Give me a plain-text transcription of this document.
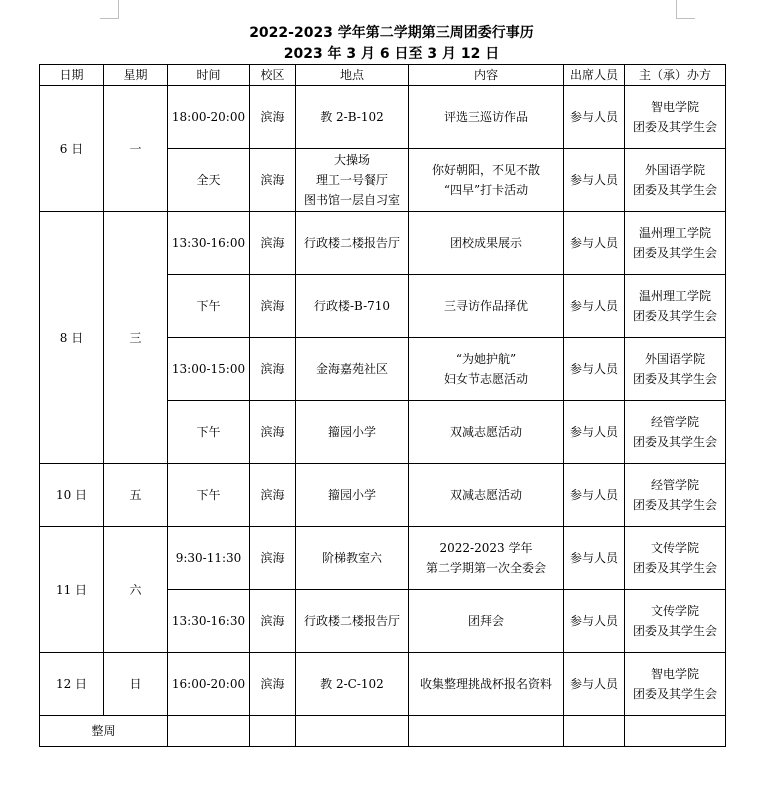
2022-2023 学年第二学期第三周团委行事历
2023 年 3 月 6 日至 3 月 12 日
日期	星期	时间	校区	地点	内容	出席人员	主（承）办方
6 日	一	18:00-20:00	滨海	教 2-B-102	评选三巡访作品	参与人员	智电学院
团委及其学生会

		全天	滨海	大操场
理工一号餐厅
图书馆一层自习室	你好朝阳，不见不散
“四早”打卡活动	参与人员	外国语学院
团委及其学生会

8 日	三	13:30-16:00	滨海	行政楼二楼报告厅	团校成果展示	参与人员	温州理工学院
团委及其学生会

		下午	滨海	行政楼-B-710	三寻访作品择优	参与人员	温州理工学院
团委及其学生会

		13:00-15:00	滨海	金海嘉苑社区	“为她护航”
妇女节志愿活动	参与人员	外国语学院
团委及其学生会

		下午	滨海	籀园小学	双减志愿活动	参与人员	经管学院
团委及其学生会

10 日	五	下午	滨海	籀园小学	双减志愿活动	参与人员	经管学院
团委及其学生会

11 日	六	9:30-11:30	滨海	阶梯教室六	2022-2023 学年
第二学期第一次全委会	参与人员	文传学院
团委及其学生会

		13:30-16:30	滨海	行政楼二楼报告厅	团拜会	参与人员	文传学院
团委及其学生会

12 日	日	16:00-20:00	滨海	教 2-C-102	收集整理挑战杯报名资料	参与人员	智电学院
团委及其学生会

整周							
